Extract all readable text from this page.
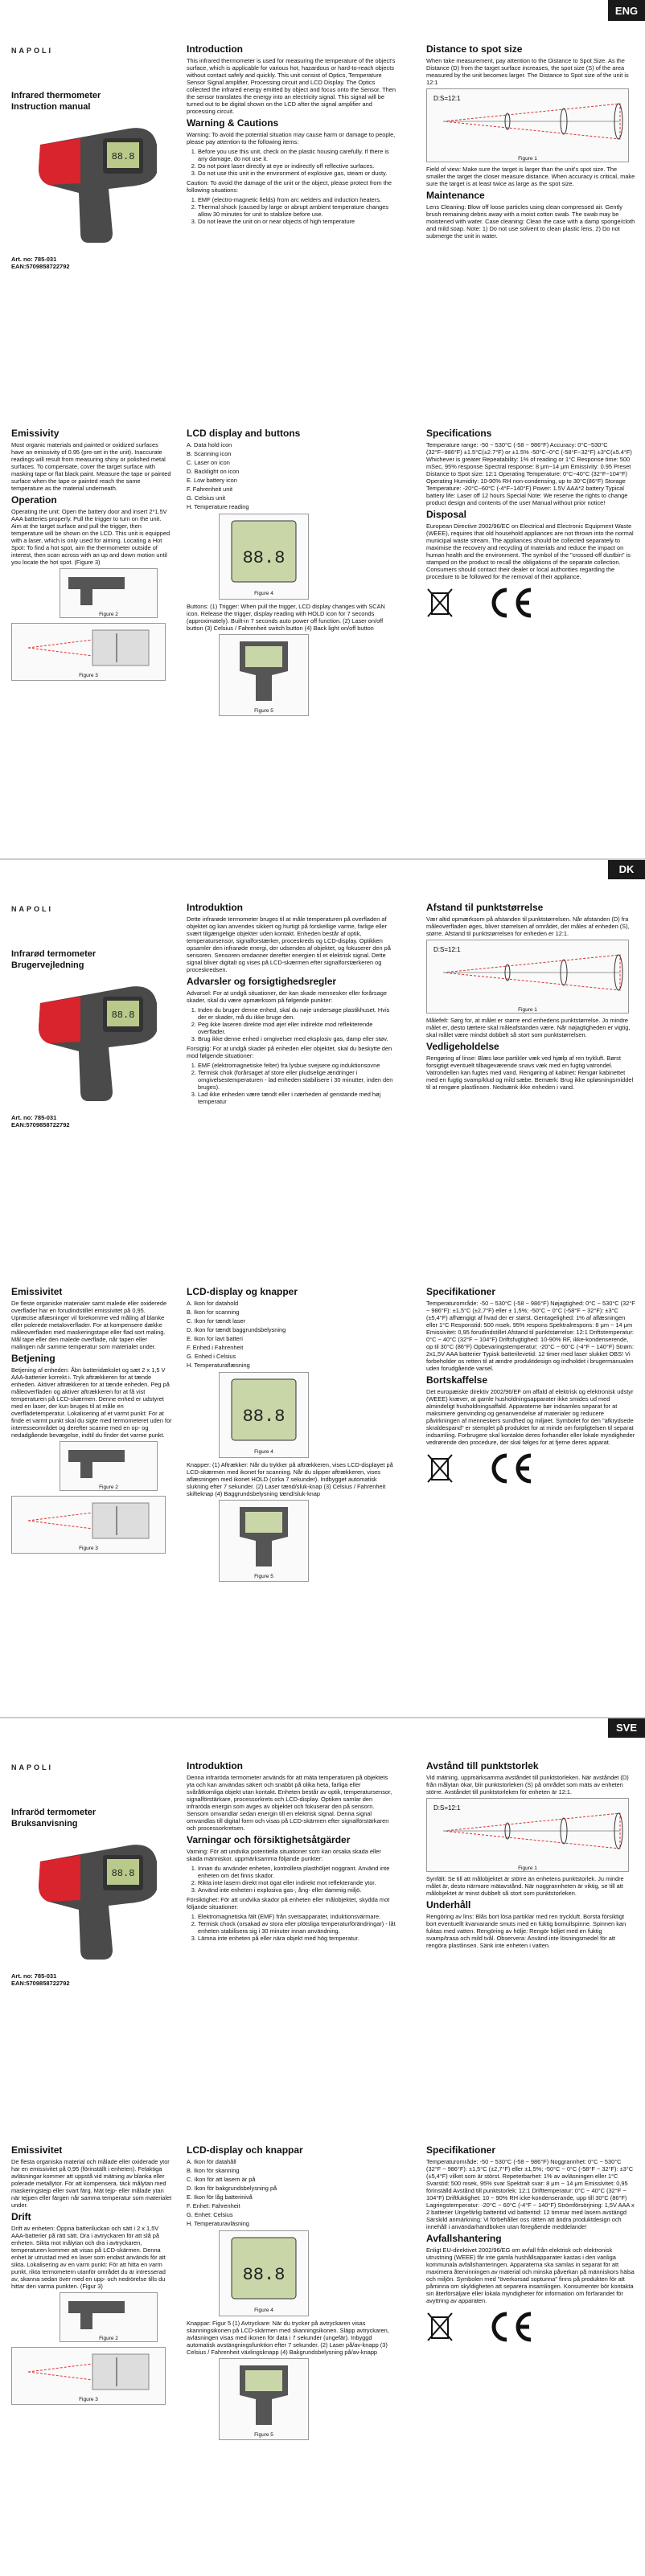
ENG
$^{NAPOLI}$
Infrared thermometer
Instruction manual
88.8
Art. no: 785-031
EAN:5709858722792
Introduction

This infrared thermometer is used for measuring the temperature of the object's surface, which is applicable for various hot, hazardous or hard-to-reach objects without contact safely and quickly. This unit consist of Optics, Temperature Sensor Signal amplifier, Processing circuit and LCD Display. The Optics collected the infrared energy emitted by object and focus onto the Sensor. Then the sensor translates the energy into an electricity signal. This signal will be turned out to be digital shown on the LCD after the signal amplifier and processing circuit.

Warning & Cautions

Warning: To avoid the potential situation may cause harm or damage to people, please pay attention to the following items:

1. Before you use this unit, check on the plastic housing carefully. If there is any damage, do not use it.
2. Do not point laser directly at eye or indirectly off reflective surfaces.
3. Do not use this unit in the environment of explosive gas, steam or dusty.

Caution: To avoid the damage of the unit or the object, please protect from the following situations:

1. EMF (electro-magnetic fields) from arc welders and induction heaters.
2. Thermal shock (caused by large or abrupt ambient temperature changes allow 30 minutes for unit to stabilize before use.
3. Do not leave the unit on or near objects of high temperature
Distance to spot size

When take measurement, pay attention to the Distance to Spot Size. As the Distance (D) from the target surface increases, the spot size (S) of the area measured by the unit becomes larger. The Distance to Spot size of the unit is 12:1

D:S=12:1
Figure 1

Field of view: Make sure the target is larger than the unit's spot size. The smaller the target the closer measure distance. When accuracy is critical, make sure the target is at least twice as large as the spot size.

Maintenance

Lens Cleaning: Blow off loose particles using clean compressed air. Gently brush remaining debris away with a moist cotton swab. The swab may be moistened with water. Case cleaning: Clean the case with a damp sponge/cloth and mild soap. Note: 1) Do not use solvent to clean plastic lens. 2) Do not submerge the unit in water.

Emissivity

Most organic materials and painted or oxidized surfaces have an emissivity of 0.95 (pre-set in the unit). Inaccurate readings will result from measuring shiny or polished metal surfaces. To compensate, cover the target surface with masking tape or flat black paint. Measure the tape or painted surface when the tape or painted reach the same temperature as the material underneath.

Operation

Operating the unit: Open the battery door and insert 2*1.5V AAA batteries properly. Pull the trigger to turn on the unit. Aim at the target surface and pull the trigger, then temperature will be shown on the LCD. This unit is equipped with a laser, which is only used for aiming. Locating a Hot Spot: To find a hot spot, aim the thermometer outside of interest, then scan across with an up and down motion until you locate the hot spot. (Figure 3)

Figure 2
Figure 3
LCD display and buttons
A. Data hold icon
B. Scanning icon
C. Laser on icon
D. Backlight on icon
E. Low battery icon
F. Fahrenheit unit
G. Celsius unit
H. Temperature reading
88.8
Figure 4

Buttons: (1) Trigger: When pull the trigger, LCD display changes with SCAN icon. Release the trigger, display reading with HOLD icon for 7 seconds (approximately). Built-in 7 seconds auto power off function. (2) Laser on/off button (3) Celsius / Fahrenheit switch button (4) Back light on/off button

Figure 5
Specifications

Temperature range: -50 ~ 530°C (-58 ~ 986°F) Accuracy: 0°C~530°C (32°F~986°F) ±1.5°C(±2.7°F) or ±1.5% -50°C~0°C (-58°F~32°F) ±3°C(±5.4°F) Whichever is greater Repeatability: 1% of reading or 1°C Response time: 500 mSec, 95% response Spectral response: 8 μm~14 μm Emissivity: 0.95 Preset Distance to Spot size: 12:1 Operating Temperature: 0°C~40°C (32°F~104°F) Operating Humidity: 10-90% RH non-condensing, up to 30°C(86°F) Storage Temperature: -20°C~60°C (-4°F~140°F) Power: 1.5V AAA*2 battery Typical battery life: Laser off 12 hours Special Note: We reserve the rights to change product design and contents of the user Manual without prior notice!

Disposal

European Directive 2002/96/EC on Electrical and Electronic Equipment Waste (WEEE), requires that old household appliances are not thrown into the normal municipal waste stream. The appliances should be collected separately to maximise the recovery and recycling of materials and reduce the impact on human health and the environment. The symbol of the "crossed-off dustbin" is stamped on the product to recall the obligations of the separate collection. Consumers should contact their dealer or local authorities regarding the procedure to be followed for the removal of their appliance.

DK
$^{NAPOLI}$
Infrarød termometer
Brugervejledning
88.8
Art. no: 785-031
EAN:5709858722792
Introduktion

Dette infrarøde termometer bruges til at måle temperaturen på overfladen af objektet og kan anvendes sikkert og hurtigt på forskellige varme, farlige eller svært tilgængelige objekter uden kontakt. Enheden består af optik, temperatursensor, signalforstærker, proceskreds og LCD-display. Optikken opsamler den infrarøde energi, der udsendes af objektet, og fokuserer den på sensoren. Sensoren omdanner derefter energien til et elektrisk signal. Dette signal bliver digitalt og vises på LCD-skærmen efter signalforstærkeren og proceskredsen.

Advarsler og forsigtighedsregler

Advarsel: For at undgå situationer, der kan skade mennesker eller forårsage skader, skal du være opmærksom på følgende punkter:

1. Inden du bruger denne enhed, skal du nøje undersøge plastikhuset. Hvis der er skader, må du ikke bruge den.
2. Peg ikke laseren direkte mod øjet eller indirekte mod reflekterende overflader.
3. Brug ikke denne enhed i omgivelser med eksplosiv gas, damp eller støv.

Forsigtig: For at undgå skader på enheden eller objektet, skal du beskytte den mod følgende situationer:

1. EMF (elektromagnetiske felter) fra lysbue svejsere og induktionsovne
2. Termisk chok (forårsaget af store eller pludselige ændringer i omgivelsestemperaturen - lad enheden stabilisere i 30 minutter, inden den bruges).
3. Lad ikke enheden være tændt eller i nærheden af genstande med høj temperatur
Afstand til punktstørrelse

Vær altid opmærksom på afstanden til punktstørrelsen. Når afstanden (D) fra måleoverfladen øges, bliver størrelsen af området, der måles af enheden (S), større. Afstand til punktstørrelsen for enheden er 12:1.

D:S=12:1
Figure 1

Målefelt: Sørg for, at målet er større end enhedens punktstørrelse. Jo mindre målet er, desto tættere skal måleafstanden være. Når nøjagtigheden er vigtig, skal målet være mindst dobbelt så stort som punktstørrelsen.

Vedligeholdelse

Rengøring af linse: Blæs løse partikler væk ved hjælp af ren trykluft. Børst forsigtigt eventuelt tilbageværende snavs væk med en fugtig vatrondel. Vatrondellen kan fugtes med vand. Rengøring af kabinet: Rengør kabinettet med en fugtig svamp/klud og mild sæbe. Bemærk: Brug ikke opløsningsmiddel til at rengøre plastlinsen. Nedsænk ikke enheden i vand.

Emissivitet

De fleste organiske materialer samt malede eller oxiderede overflader har en forudindstillet emissivitet på 0,95. Upræcise aflæsninger vil forekomme ved måling af blanke eller polerede metaloverflader. For at kompensere dække måleoverfladen med maskeringstape eller flad sort maling. Mål tape eller den malede overflade, når tapen eller malingen når samme temperatur som materialet under.

Betjening

Betjening af enheden: Åbn batteridækslet og sæt 2 x 1,5 V AAA-batterier korrekt i. Tryk aftrækkeren for at tænde enheden. Aktiver aftrækkeren for at tænde enheden. Peg på måleoverfladen og aktiver aftrækkeren for at få vist temperaturen på LCD-skærmen. Denne enhed er udstyret med en laser, der kun bruges til at måle en overfladetemperatur. Lokalisering af et varmt punkt: For at finde et varmt punkt skal du sigte med termometeret uden for interesseområdet og derefter scanne med en op- og nedadgående bevægelse, indtil du finder det varme punkt.

Figure 2
Figure 3
LCD-display og knapper
A. Ikon for datahold
B. Ikon for scanning
C. Ikon for tændt laser
D. Ikon for tændt baggrundsbelysning
E. Ikon for lavt batteri
F. Enhed i Fahrenheit
G. Enhed i Celsius
H. Temperaturaflæsning
88.8
Figure 4

Knapper: (1) Aftrækker: Når du trykker på aftrækkeren, vises LCD-displayet på LCD-skærmen med ikonet for scanning. Når du slipper aftrækkeren, vises aflæsningen med ikonet HOLD (cirka 7 sekunder). Indbygget automatisk slukning efter 7 sekunder. (2) Laser tænd/sluk-knap (3) Celsius / Fahrenheit skifteknap (4) Baggrundsbelysning tænd/sluk-knap

Figure 5
Specifikationer

Temperaturområde: -50 ~ 530°C (-58 ~ 986°F) Nøjagtighed: 0°C ~ 530°C (32°F ~ 986°F): ±1,5°C (±2,7°F) eller ± 1,5%; -50°C ~ 0°C (-58°F ~ 32°F): ±3°C (±5,4°F) afhængigt af hvad der er størst. Gentagelighed: 1% af aflæsningen eller 1°C Responstid: 500 msek. 95% respons Spektralrespons: 8 μm ~ 14 μm Emissivitet: 0,95 forudindstillet Afstand til punktstørrelse: 12:1 Driftstemperatur: 0°C ~ 40°C (32°F ~ 104°F) Driftsfugtighed: 10-90% RF, ikke-kondenserende, op til 30°C (86°F) Opbevaringstemperatur: -20°C ~ 60°C (-4°F ~ 140°F) Strøm: 2x1,5V AAA batterier Typisk batterilevetid: 12 timer med laser slukket OBS! Vi forbeholder os retten til at ændre produktdesign og indholdet i brugermanualen uden forudgående varsel.

Bortskaffelse

Det europæiske direktiv 2002/96/EF om affald af elektrisk og elektronisk udstyr (WEEE) kræver, at gamle husholdningsapparater ikke smides ud med almindeligt husholdningsaffald. Apparaterne bør indsamles separat for at maksimere genvinding og genanvendelse af materialer og reducere påvirkningen af menneskers sundhed og miljøet. Symbolet for den "afkrydsede skraldespand" er stemplet på produktet for at minde om forpligtelsen til separat indsamling. Forbrugere skal kontakte deres forhandler eller lokale myndigheder vedrørende den procedure, der skal følges for at fjerne deres apparat.

SVE
$^{NAPOLI}$
Infraröd termometer
Bruksanvisning
88.8
Art. no: 785-031
EAN:5709858722792
Introduktion

Denna infraröda termometer används för att mäta temperaturen på objektets yta och kan användas säkert och snabbt på olika heta, farliga eller svåråtkomliga objekt utan kontakt. Enheten består av optik, temperatursensor, signalförstärkare, processorkrets och LCD-display. Optiken samlar den infraröda energin som avges av objektet och fokuserar den på sensorn. Sensorn omvandlar sedan energin till en elektrisk signal. Denna signal omvandlas till digital form och visas på LCD-skärmen efter signalförstärkaren och processorkretsen.

Varningar och försiktighetsåtgärder

Varning: För att undvika potentiella situationer som kan orsaka skada eller skada människor, uppmärksamma följande punkter:

1. Innan du använder enheten, kontrollera plasthöljet noggrant. Använd inte enheten om det finns skador.
2. Rikta inte lasern direkt mot ögat eller indirekt mot reflekterande ytor.
3. Använd inte enheten i explosiva gas-, ång- eller dammig miljö.

Försiktighet: För att undvika skador på enheten eller målobjektet, skydda mot följande situationer:

1. Elektromagnetiska fält (EMF) från svetsapparater, induktionsvärmare.
2. Termisk chock (orsakad av stora eller plötsliga temperaturförändringar) - låt enheten stabilisera sig i 30 minuter innan användning.
3. Lämna inte enheten på eller nära objekt med hög temperatur.
Avstånd till punktstorlek

Vid mätning, uppmärksamma avståndet till punktstorleken. När avståndet (D) från målytan ökar, blir punktstorleken (S) på området som mäts av enheten större. Avståndet till punktstorleken för enheten är 12:1.

D:S=12:1
Figure 1

Synfält: Se till att målobjektet är större än enhetens punktstorlek. Ju mindre målet är, desto närmare mätavstånd. När noggrannheten är viktig, se till att målobjektet är minst dubbelt så stort som punktstorleken.

Underhåll

Rengöring av lins: Blås bort lösa partiklar med ren tryckluft. Borsta försiktigt bort eventuellt kvarvarande smuts med en fuktig bomullspinne. Spinnen kan fuktas med vatten. Rengöring av hölje: Rengör höljet med en fuktig svamp/trasa och mild tvål. Observera: Använd inte lösningsmedel för att rengöra plastlinsen. Sänk inte enheten i vatten.

Emissivitet

De flesta organiska material och målade eller oxiderade ytor har en emissivitet på 0,95 (förinställt i enheten). Felaktiga avläsningar kommer att uppstå vid mätning av blanka eller polerade metallytor. För att kompensera, täck målytan med maskeringstejp eller svart färg. Mät tejp- eller målade ytan när tejpen eller färgen når samma temperatur som materialet under.

Drift

Drift av enheten: Öppna batteriluckan och sätt i 2 x 1,5V AAA-batterier på rätt sätt. Dra i avtryckaren för att slå på enheten. Sikta mot målytan och dra i avtryckaren, temperaturen kommer att visas på LCD-skärmen. Denna enhet är utrustad med en laser som endast används för att sikta. Lokalisering av en varm punkt: För att hitta en varm punkt, rikta termometern utanför området du är intresserad av, skanna sedan över med en upp- och nedrörelse tills du hittar den varma punkten. (Figur 3)

Figure 2
Figure 3
LCD-display och knappar
A. Ikon för datahåll
B. Ikon för skanning
C. Ikon för att lasern är på
D. Ikon för bakgrundsbelysning på
E. Ikon för låg batterinivå
F. Enhet: Fahrenheit
G. Enhet: Celsius
H. Temperaturavläsning
88.8
Figure 4

Knappar: Figur 5 (1) Avtryckare: När du trycker på avtryckaren visas skanningsikonen på LCD-skärmen med skanningsikonen. Släpp avtryckaren, avläsningen visas med ikonen för data i 7 sekunder (ungefär). Inbyggd automatisk avstängningsfunktion efter 7 sekunder. (2) Laser på/av-knapp (3) Celsius / Fahrenheit växlingsknapp (4) Bakgrundsbelysning på/av-knapp

Figure 5
Specifikationer

Temperaturområde: -50 ~ 530°C (-58 ~ 986°F) Noggrannhet: 0°C ~ 530°C (32°F ~ 986°F): ±1,5°C (±2,7°F) eller ±1,5%; -50°C ~ 0°C (-58°F ~ 32°F): ±3°C (±5,4°F) vilket som är störst. Repeterbarhet: 1% av avläsningen eller 1°C Svarstid: 500 msek, 95% svar Spektralt svar: 8 μm ~ 14 μm Emissivitet: 0,95 förinställd Avstånd till punktstorlek: 12:1 Drifttemperatur: 0°C ~ 40°C (32°F ~ 104°F) Driftfuktighet: 10 ~ 90% RH icke-kondenserande, upp till 30°C (86°F) Lagringstemperatur: -20°C ~ 60°C (-4°F ~ 140°F) Strömförsörjning: 1,5V AAA x 2 batterier Ungefärlig batteritid vid batteritid: 12 timmar med lasern avstängd Särskild anmärkning: Vi förbehåller oss rätten att ändra produktdesign och innehåll i användarhandboken utan föregående meddelande!

Avfallshantering

Enligt EU-direktivet 2002/96/EG om avfall från elektrisk och elektronisk utrustning (WEEE) får inte gamla hushållsapparater kastas i den vanliga kommunala avfallshanteringen. Apparaterna ska samlas in separat för att maximera återvinningen av material och minska påverkan på människors hälsa och miljön. Symbolen med "överkorsad soptunna" finns på produkten för att påminna om skyldigheten att separera insamlingen. Konsumenter bör kontakta sin återförsäljare eller lokala myndigheter för information om förfarandet för avyttring av apparaten.
